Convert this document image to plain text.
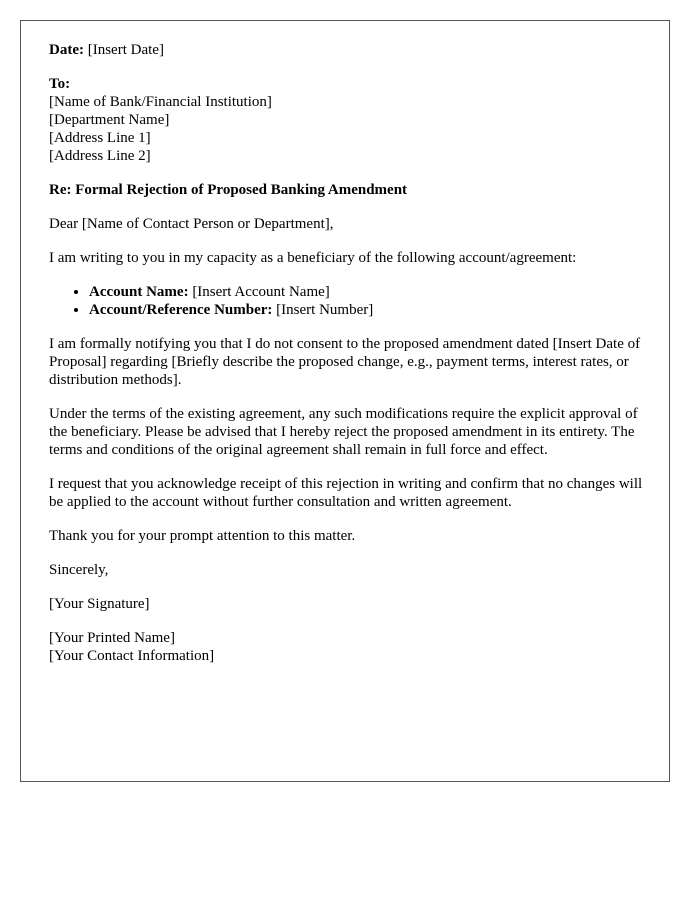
Date: [Insert Date]

To:
[Name of Bank/Financial Institution]
[Department Name]
[Address Line 1]
[Address Line 2]

Re: Formal Rejection of Proposed Banking Amendment

Dear [Name of Contact Person or Department],

I am writing to you in my capacity as a beneficiary of the following account/agreement:

• Account Name: [Insert Account Name]
• Account/Reference Number: [Insert Number]

I am formally notifying you that I do not consent to the proposed amendment dated [Insert Date of Proposal] regarding [Briefly describe the proposed change, e.g., payment terms, interest rates, or distribution methods].

Under the terms of the existing agreement, any such modifications require the explicit approval of the beneficiary. Please be advised that I hereby reject the proposed amendment in its entirety. The terms and conditions of the original agreement shall remain in full force and effect.

I request that you acknowledge receipt of this rejection in writing and confirm that no changes will be applied to the account without further consultation and written agreement.

Thank you for your prompt attention to this matter.

Sincerely,

[Your Signature]

[Your Printed Name]
[Your Contact Information]
